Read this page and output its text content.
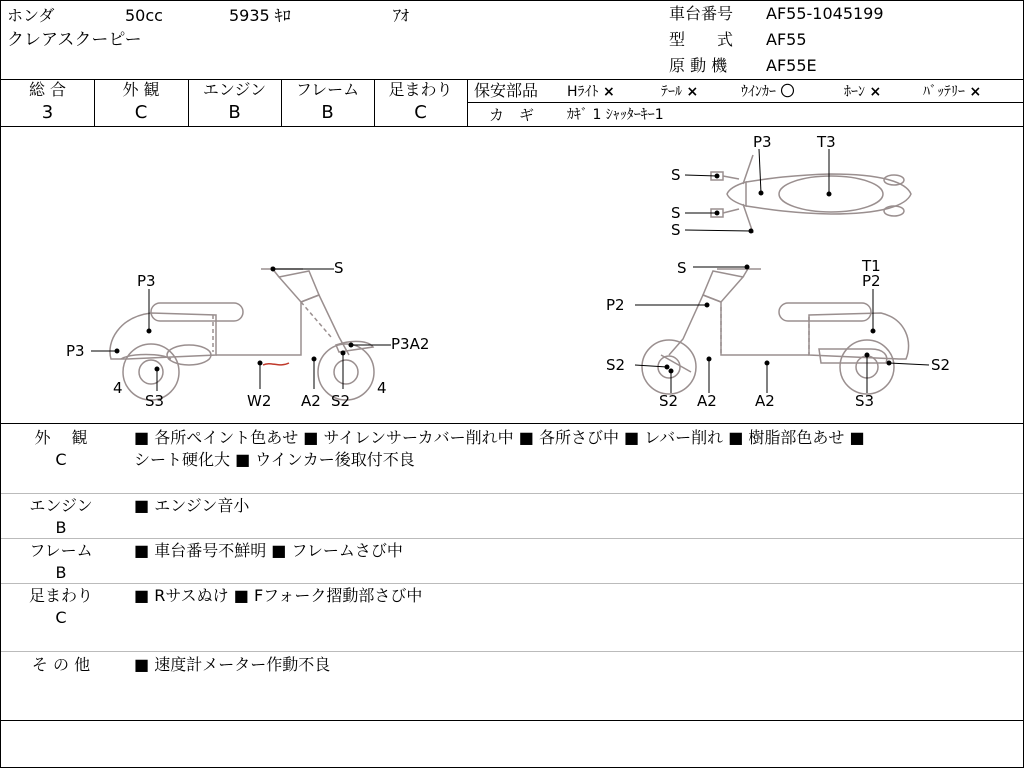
ホンダ	50cc	5935 ｷﾛ	ｱｵ
クレアスクーピー
車台番号 AF55-1045199
型　　式 AF55
原 動 機 AF55E
総 合
3
外 観
C
エンジン
B
フレーム
B
足まわり
C
保安部品 Hﾗｲﾄ ×	ﾃｰﾙ ×	ｳｲﾝｶｰ 〇	ﾎｰﾝ ×	ﾊﾞｯﾃﾘｰ ×
カ　ギ ｶｷﾞ 1 ｼｬｯﾀｰｷｰ1
P3	T3
S
S
S
P3
S
P3
4
S3	W2 A2 S2
P3A2
4
S	T1
P2
P2
S2
S2 A2	A2	S3
S2
外　 観
C
■ 各所ペイント色あせ ■ サイレンサーカバー削れ中 ■ 各所さび中 ■ レバー削れ ■ 樹脂部色あせ ■
シート硬化大 ■ ウインカー後取付不良
エンジン
B
■ エンジン音小
フレーム
B
■ 車台番号不鮮明 ■ フレームさび中
足まわり
C
■ Rサスぬけ ■ Fフォーク摺動部さび中
そ の 他	■ 速度計メーター作動不良
